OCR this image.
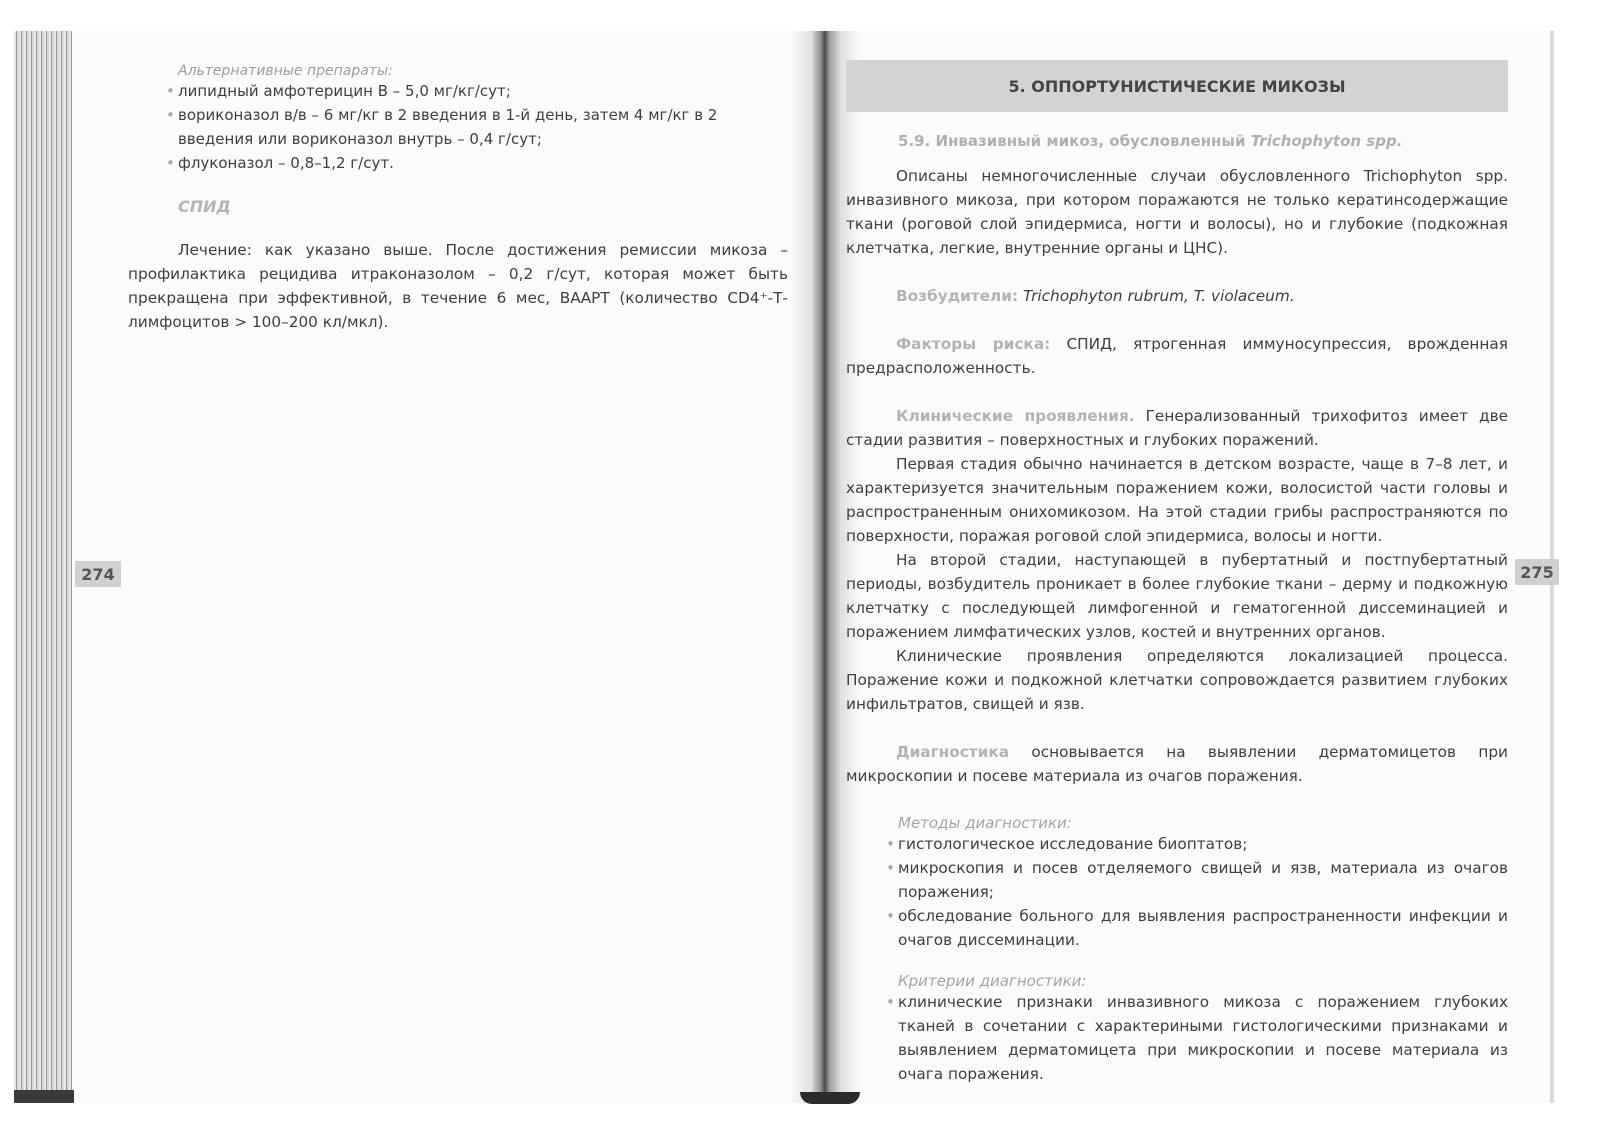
Альтернативные препараты:
• липидный амфотерицин В – 5,0 мг/кг/сут;
• вориконазол в/в – 6 мг/кг в 2 введения в 1-й день, затем 4 мг/кг в 2 введения или вориконазол внутрь – 0,4 г/сут;
• флуконазол – 0,8–1,2 г/сут.
СПИД

Лечение: как указано выше. После достижения ремиссии микоза – профилактика рецидива итраконазолом – 0,2 г/сут, которая может быть прекращена при эффективной, в течение 6 мес, ВААРТ (количество CD4⁺-Т-лимфоцитов > 100–200 кл/мкл).

274
5. ОППОРТУНИСТИЧЕСКИЕ МИКОЗЫ
5.9. Инвазивный микоз, обусловленный Trichophyton spp.

Описаны немногочисленные случаи обусловленного Trichophyton spp. инвазивного микоза, при котором поражаются не только кератинсодержащие ткани (роговой слой эпидермиса, ногти и волосы), но и глубокие (подкожная клетчатка, легкие, внутренние органы и ЦНС).

Возбудители: Trichophyton rubrum, T. violaceum.

Факторы риска: СПИД, ятрогенная иммуносупрессия, врожденная предрасположенность.

Клинические проявления. Генерализованный трихофитоз имеет две стадии развития – поверхностных и глубоких поражений.

Первая стадия обычно начинается в детском возрасте, чаще в 7–8 лет, и характеризуется значительным поражением кожи, волосистой части головы и распространенным онихомикозом. На этой стадии грибы распространяются по поверхности, поражая роговой слой эпидермиса, волосы и ногти.

На второй стадии, наступающей в пубертатный и постпубертатный периоды, возбудитель проникает в более глубокие ткани – дерму и подкожную клетчатку с последующей лимфогенной и гематогенной диссеминацией и поражением лимфатических узлов, костей и внутренних органов.

Клинические проявления определяются локализацией процесса. Поражение кожи и подкожной клетчатки сопровождается развитием глубоких инфильтратов, свищей и язв.

Диагностика основывается на выявлении дерматомицетов при микроскопии и посеве материала из очагов поражения.

Методы диагностики:
• гистологическое исследование биоптатов;
• микроскопия и посев отделяемого свищей и язв, материала из очагов поражения;
• обследование больного для выявления распространенности инфекции и очагов диссеминации.
Критерии диагностики:
• клинические признаки инвазивного микоза с поражением глубоких тканей в сочетании с характериными гистологическими признаками и выявлением дерматомицета при микроскопии и посеве материала из очага поражения.
275
